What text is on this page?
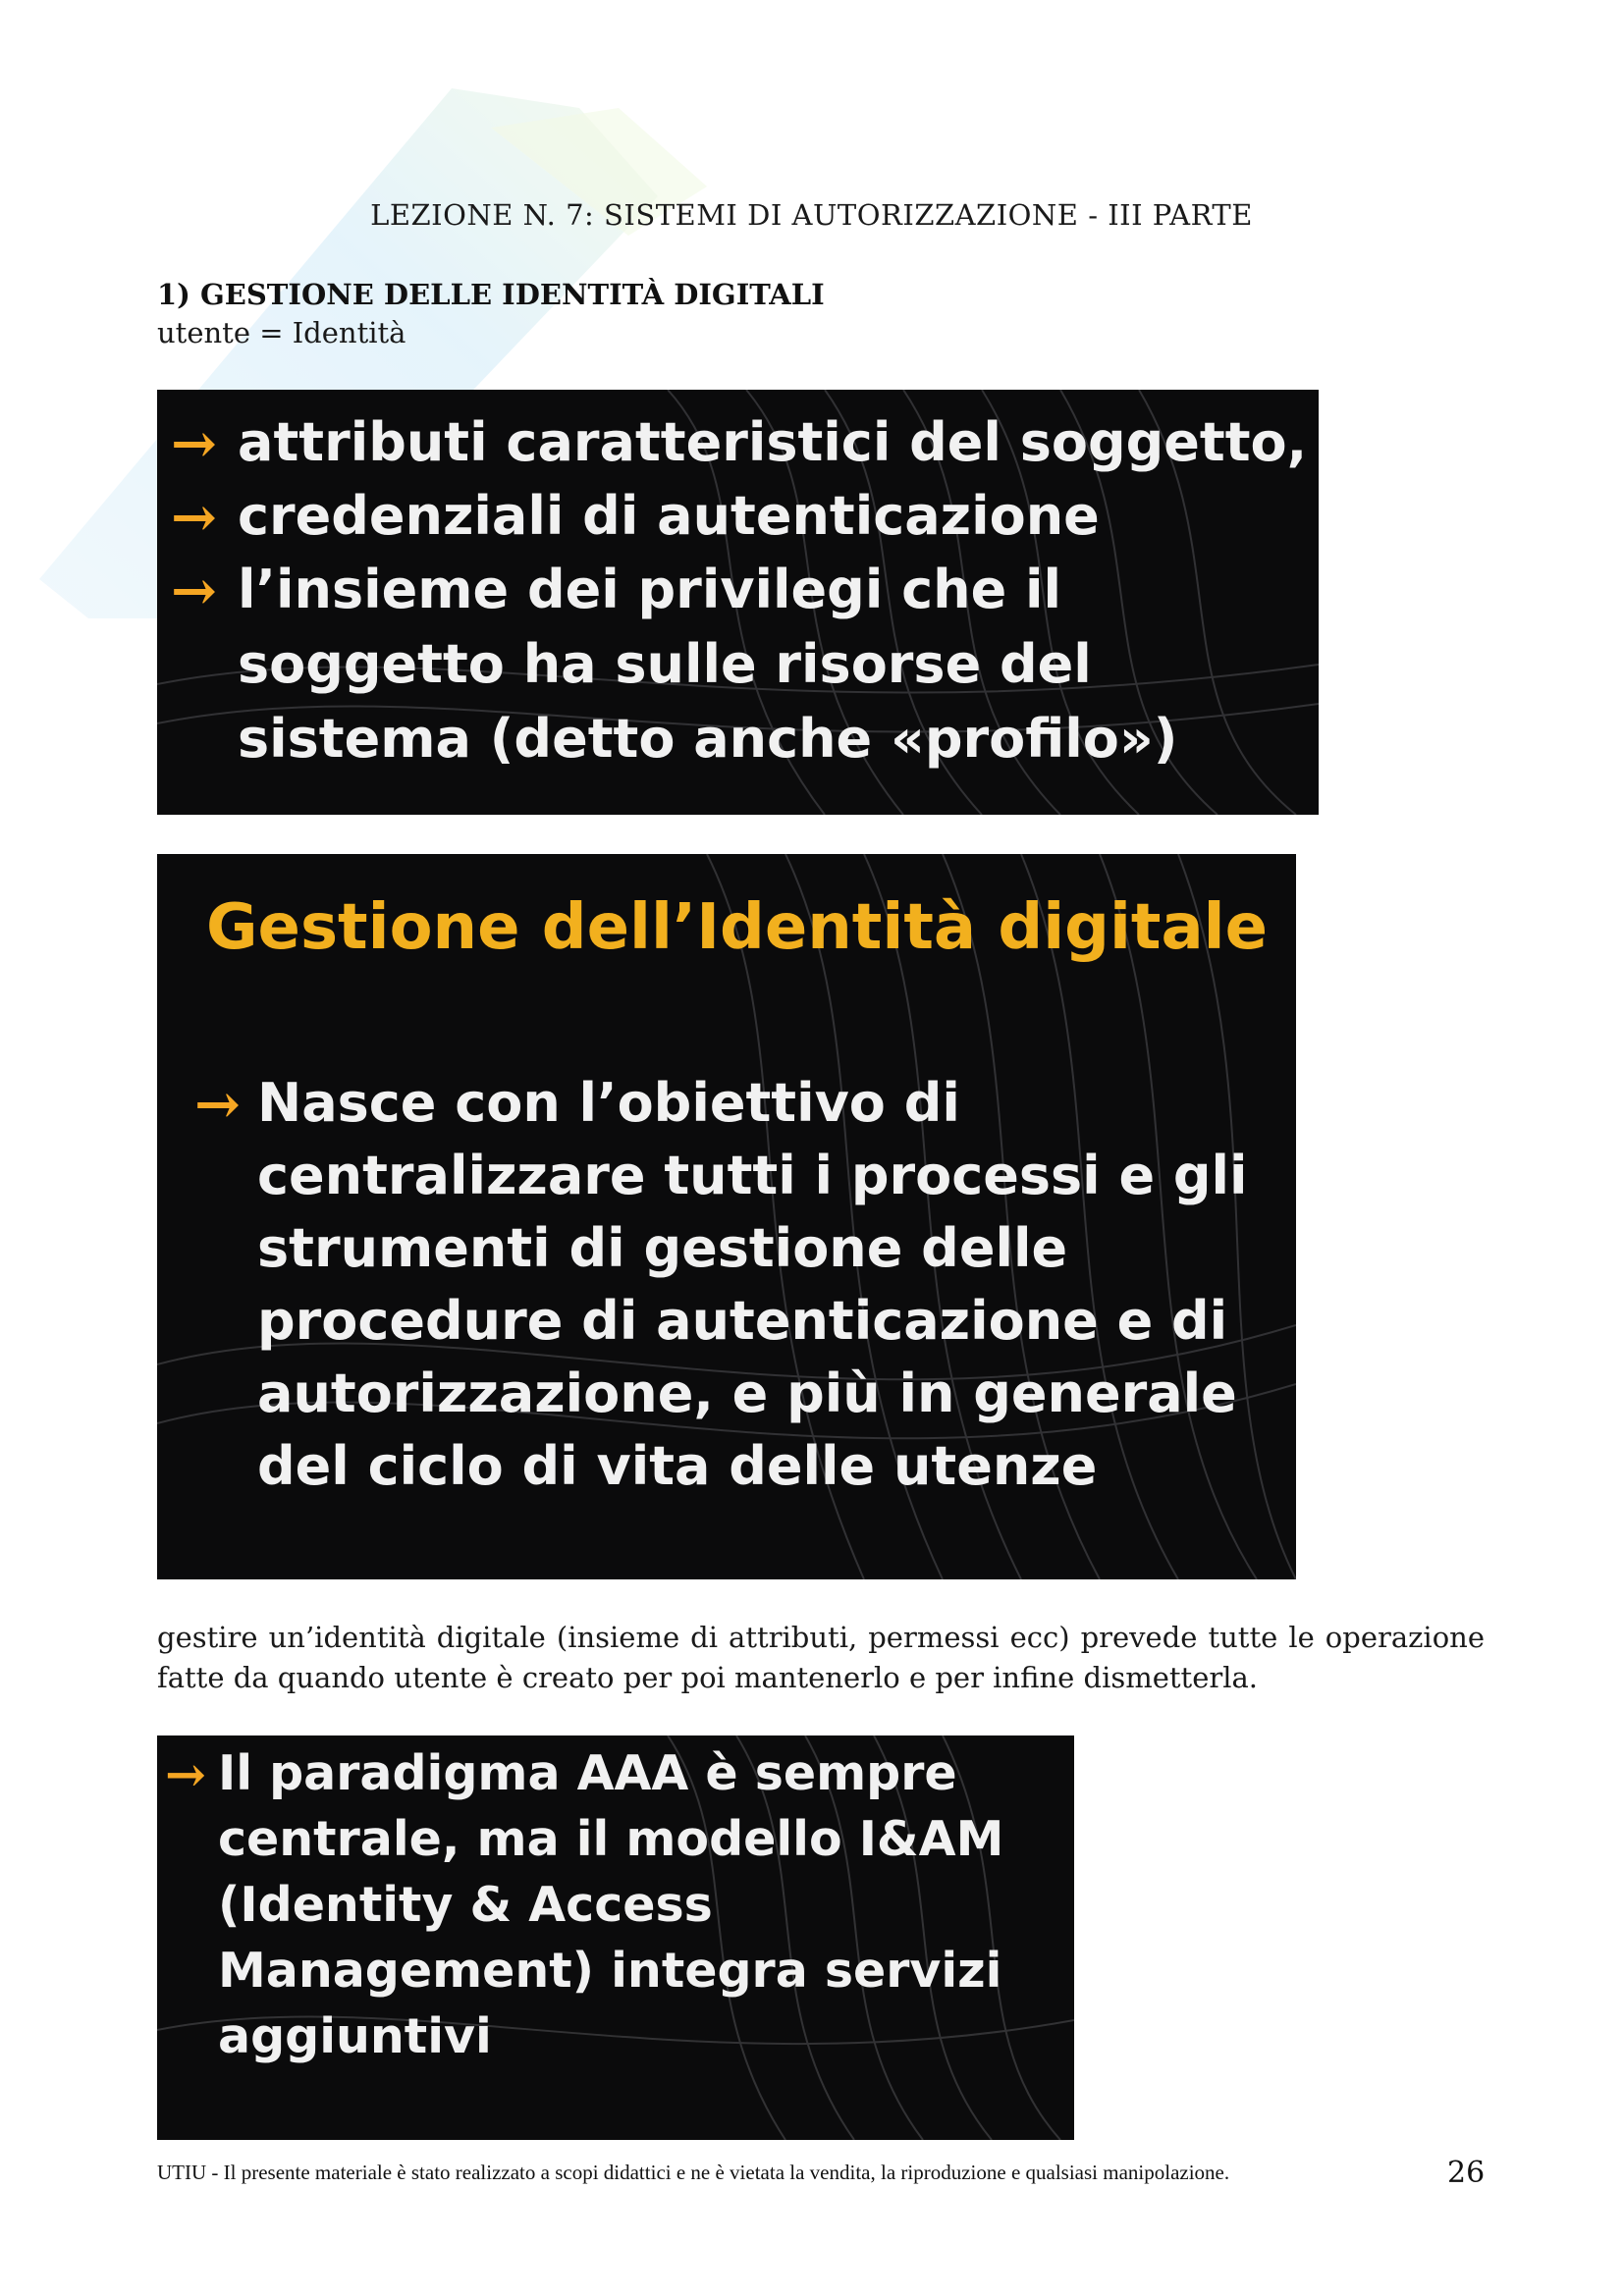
LEZIONE N. 7: SISTEMI DI AUTORIZZAZIONE - III PARTE
1) GESTIONE DELLE IDENTITÀ DIGITALI
utente = Identità
→ attributi caratteristici del soggetto,
→ credenziali di autenticazione
→ l’insieme dei privilegi che il
soggetto ha sulle risorse del
sistema (detto anche «profilo»)
Gestione dell’Identità digitale
→ Nasce con l’obiettivo di
centralizzare tutti i processi e gli
strumenti di gestione delle
procedure di autenticazione e di
autorizzazione, e più in generale
del ciclo di vita delle utenze
gestire un’identità digitale (insieme di attributi, permessi ecc) prevede tutte le operazione fatte da quando utente è creato per poi mantenerlo e per infine dismetterla.
→ Il paradigma AAA è sempre
centrale, ma il modello I&AM
(Identity & Access
Management) integra servizi
aggiuntivi
UTIU - Il presente materiale è stato realizzato a scopi didattici e ne è vietata la vendita, la riproduzione e qualsiasi manipolazione.	26
